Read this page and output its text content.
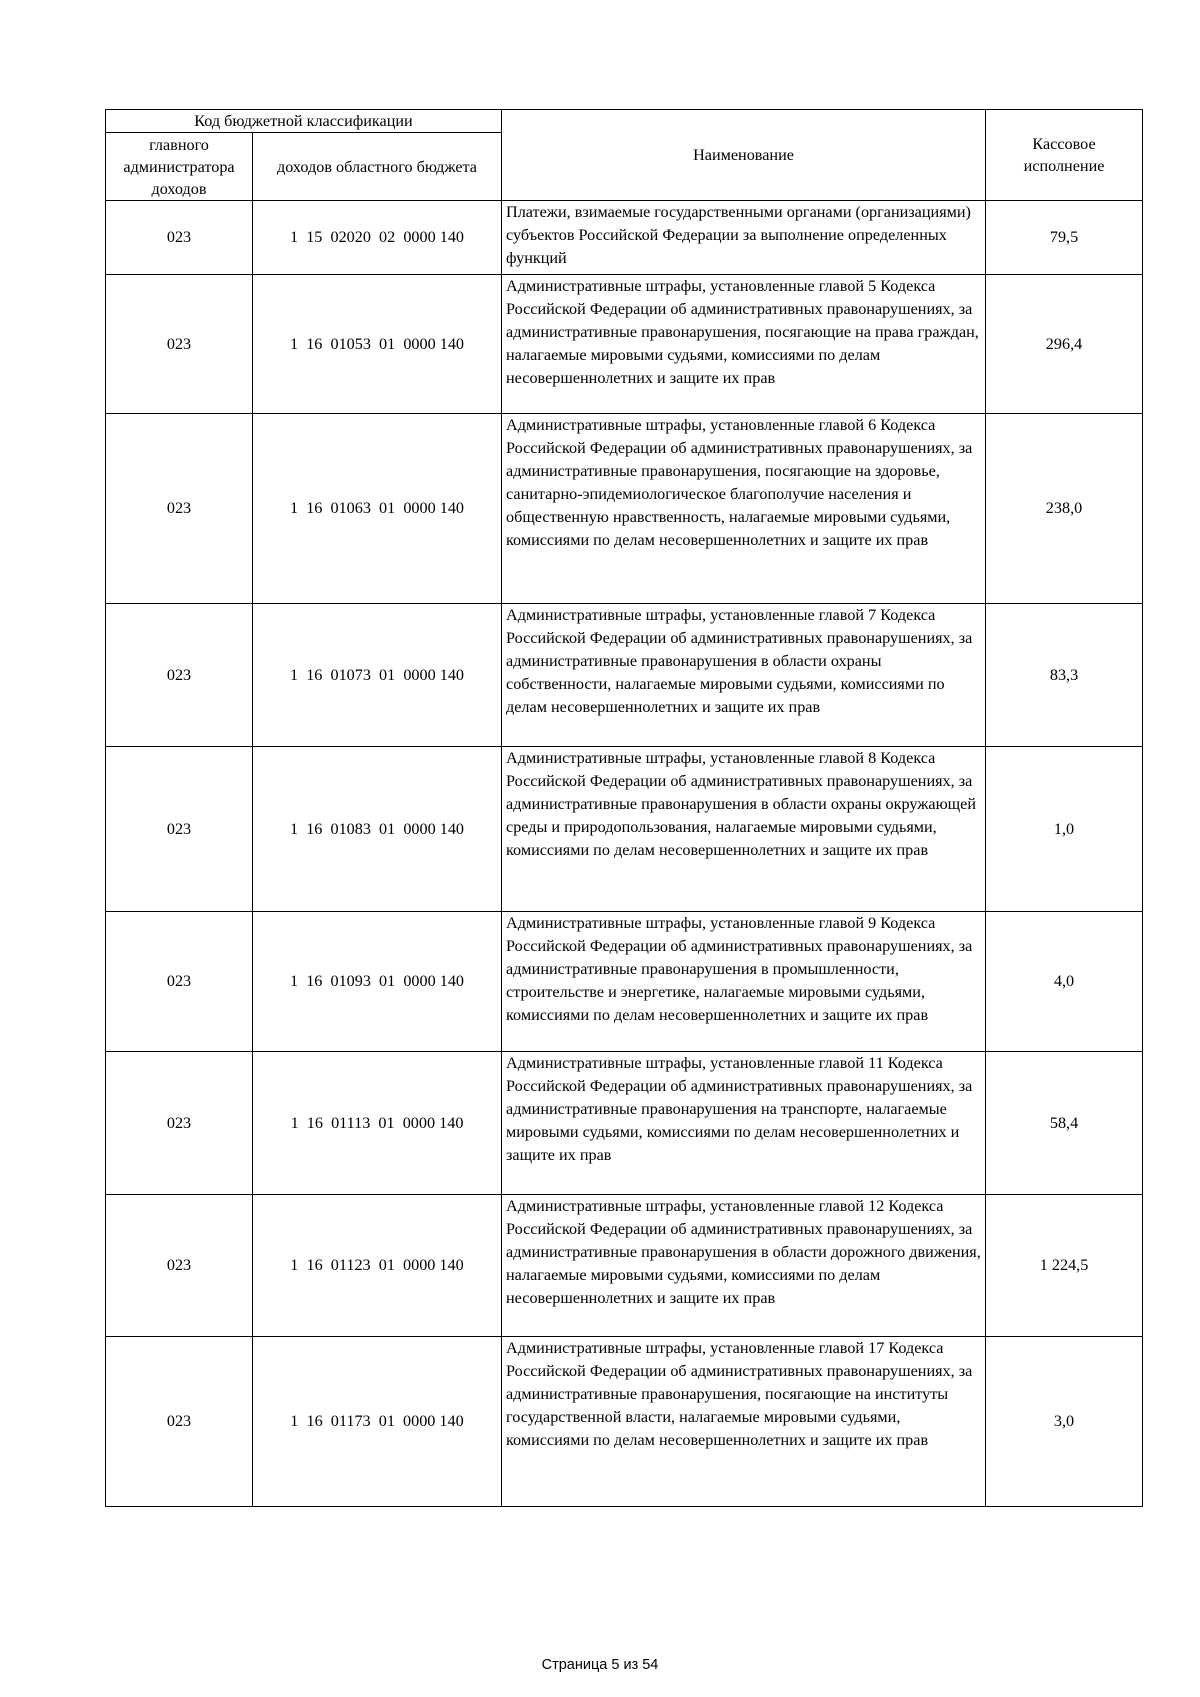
Код бюджетной классификации		Наименование	Кассовое исполнение
главного администратора доходов	доходов областного бюджета		
023	1  15  02020  02  0000 140	Платежи, взимаемые государственными органами (организациями) субъектов Российской Федерации за выполнение определенных функций	79,5
023	1  16  01053  01  0000 140	Административные штрафы, установленные главой 5 Кодекса Российской Федерации об административных правонарушениях, за административные правонарушения, посягающие на права граждан, налагаемые мировыми судьями, комиссиями по делам несовершеннолетних и защите их прав	296,4
023	1  16  01063  01  0000 140	Административные штрафы, установленные главой 6 Кодекса Российской Федерации об административных правонарушениях, за административные правонарушения, посягающие на здоровье, санитарно-эпидемиологическое благополучие населения и общественную нравственность, налагаемые мировыми судьями, комиссиями по делам несовершеннолетних и защите их прав	238,0
023	1  16  01073  01  0000 140	Административные штрафы, установленные главой 7 Кодекса Российской Федерации об административных правонарушениях, за административные правонарушения в области охраны собственности, налагаемые мировыми судьями, комиссиями по делам несовершеннолетних и защите их прав	83,3
023	1  16  01083  01  0000 140	Административные штрафы, установленные главой 8 Кодекса Российской Федерации об административных правонарушениях, за административные правонарушения в области охраны окружающей среды и природопользования, налагаемые мировыми судьями, комиссиями по делам несовершеннолетних и защите их прав	1,0
023	1  16  01093  01  0000 140	Административные штрафы, установленные главой 9 Кодекса Российской Федерации об административных правонарушениях, за административные правонарушения в промышленности, строительстве и энергетике, налагаемые мировыми судьями, комиссиями по делам несовершеннолетних и защите их прав	4,0
023	1  16  01113  01  0000 140	Административные штрафы, установленные главой 11 Кодекса Российской Федерации об административных правонарушениях, за административные правонарушения на транспорте, налагаемые мировыми судьями, комиссиями по делам несовершеннолетних и защите их прав	58,4
023	1  16  01123  01  0000 140	Административные штрафы, установленные главой 12 Кодекса Российской Федерации об административных правонарушениях, за административные правонарушения в области дорожного движения, налагаемые мировыми судьями, комиссиями по делам несовершеннолетних и защите их прав	1 224,5
023	1  16  01173  01  0000 140	Административные штрафы, установленные главой 17 Кодекса Российской Федерации об административных правонарушениях, за административные правонарушения, посягающие на институты государственной власти, налагаемые мировыми судьями, комиссиями по делам несовершеннолетних и защите их прав	3,0
Страница 5 из 54
